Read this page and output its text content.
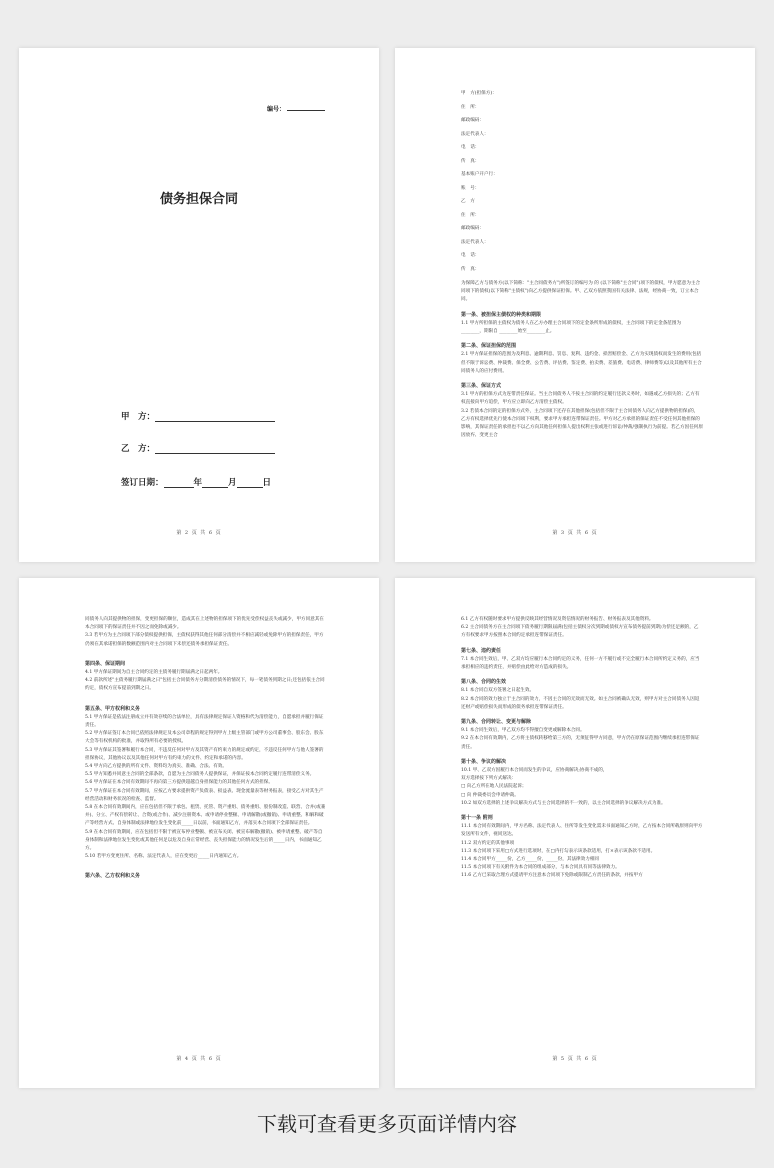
编号：
债务担保合同
甲　方：
乙　方：
签订日期：	年	月	日
第 2 页 共 6 页
甲　方(担保方)：
住　所：
邮政编码：
法定代表人：
电　话：
传　真：
基本账户开户行：
账　号：
乙　方
住　所：
邮政编码：
法定代表人：
电　话：
传　真：

为保障乙方与债务方(以下简称："主合同债务方")所签订的编号为 的 (以下简称"主合同")项下的债权，甲方愿意为主合同项下的债权(以下简称"主债权")向乙方提供保证担保。甲、乙双方依照我国有关法律、法规，经协商一致，订立本合同。

第一条、被担保主债权的种类和期限

1.1 甲方所担保的主债权为债务人在乙方办理主合同项下的定金条所形成的债权，主合同项下的定金条范围为________，期限自 ________始至________止。

第二条、保证担保的范围

2.1 甲方保证担保的范围为及利息、逾期利息、罚息、复利、违约金、损害赔偿金、乙方为实现债权而发生的费用(包括但不限于诉讼费、仲裁费、保全费、公告费、评估费、鉴定费、拍卖费、差旅费、电话费、律师费等)以及其他所有主合同债务人的应付费用。

第三条、保证方式

3.1 甲方的担保方式为连带责任保证。当主合同债务人不按主合同的约定履行还款义务时，如遇或乙方损失的；乙方有权直接向甲方追偿，甲方应立即向乙方清偿主债权。

3.2 若债本合同的定的担保方式外，主合同项下还存在其他担保(包括但不限于主合同债务人向乙方提供物的担保)的，乙方有权选择优先行使本合同项下权利，要求甲方承担连带保证责任。甲方对乙方承担的保证责任不受任何其他担保的影响，其保证责任的承担也不以乙方向其他任何担保人提出权利主张或进行诉讼/仲裁/强制执行为前提。若乙方因任何原因放弃、变更主合

第 3 页 共 6 页

同债务人向其提供物的担保，变更担保的顺位，造成其在上述物的担保项下的优先受偿权益丧失或减少，甲方同意其在本合同项下的保证责任并不因之而免除或减少。

3.3 若甲方为主合同项下部分债权提供担保，主债权获得其他任何部分清偿并不相应减轻或免除甲方的担保责任，甲方仍须在其承诺担保的数额范围内对主合同项下未偿还债务承担保证责任。

第四条、保证期间

4.1 甲方保证期间为自主合同约定的主债务履行期届满之日起两年。

4.2 前款所述"主债务履行期届满之日"包括主合同债务方分期清偿债务的情况下，每一笔债务到期之日;还包括依主合同约定，债权方宣布提前到期之日。

第五条、甲方权利和义务

5.1 甲方保证是依法注册成立并有效存续的合法单位，具有法律规定保证人资格和代为清偿能力，自愿承担并履行保证责任。

5.2 甲方保证签订本合同已依照法律规定及本公司章程的规定得到甲方上级主管部门或甲方公司董事会、股东会、股东大会等有权机构的批准，并取得所有必要的授权。

5.3 甲方保证其签署和履行本合同，不违反任何对甲方及其资产有约束力的规定或约定，不违反任何甲方与他人签署的担保协议，其他协议以及其他任何对甲方有约束力的文件、约定和承诺的内容。

5.4 甲方向乙方提供的所有文件、资料均为真实、准确、合法、有效。

5.5 甲方知悉并同意主合同的全部条款，自愿为主合同债务人提供保证，并保证按本合同约定履行连带清偿义务。

5.6 甲方保证在本合同有效期间不再向第三方提供超越自身担保能力的其他任何方式的担保。

5.7 甲方保证在本合同有效期间，应按乙方要求提供资产负债表、损益表、现金流量表等财务报表，接受乙方对其生产经营活动和财务状况的检查、监督。

5.8 在本合同有效期间内，应在包括但不限于承包、租赁、托管、资产重组、债务重组、股份制改造、联营、合并(或兼并)、分立、产权有偿转让、合资(或合作)、减少注册资本、或申请停业整顿、申请解散(或撤销)、申请重整、和解和破产等经营方式、自身体制或法律地位发生变化前_____日以前，书面通知乙方，并落实本合同项下全部保证责任。

5.9 在本合同有效期间，应在包括但不限于被宣布停业整顿、被宣布关闭、被宣布解散(撤销)、被申请重整、破产等自身体制和法律地位发生变化或其他任何足以危及自身正常经营、丧失担保能力的情况发生后的_____日内，书面通知乙方。

5.10 若甲方变更住所、名称、法定代表人，应在变更后_____日内通知乙方。

第六条、乙方权利和义务

第 4 页 共 6 页

6.1 乙方有权随时要求甲方提供反映其经营情况及资信情况的财务报告、财务报表及其他资料。

6.2 主合同债务方在主合同项下债务履行期限届满(包括主债权分次到期或债权方宣布债务提前到期)为偿还足额的，乙方有权要求甲方按照本合同约定承担连带保证责任。

第七条、违约责任

7.1 本合同生效后，甲、乙双方均应履行本合同约定的义务，任何一方不履行或不完全履行本合同所约定义务的，应当承担相应的违约责任，并赔偿由此给对方造成的损失。

第八条、合同的生效

8.1 本合同自双方签署之日起生效。

8.2 本合同的效力独立于主合同的效力，不因主合同的无效而无效。如主合同被确认无效，则甲方对主合同债务人因返还财产或赔偿损失而形成的债务承担连带保证责任。

第九条、合同转让、变更与解除

9.1 本合同生效后，甲乙双方均不得擅自变更或解除本合同。

9.2 在本合同有效期内，乙方将主债权转移给第三方的，无须征得甲方同意，甲方仍在原保证范围内继续承担连带保证责任。

第十条、争议的解决

10.1 甲、乙双方因履行本合同而发生的争议，应协商解决;协商不成的，

双方选择按下列方式解决：

□ 向乙方所在地人民法院起诉；

□ 向 仲裁委员会申请仲裁。

10.2 如双方选择的上述争议解决方式与主合同选择的不一致的，以主合同选择的争议解决方式为准。

第十一条 附则

11.1 本合同有效期间内，甲方名称、法定代表人、住所等发生变化需未书面通知乙方时，乙方按本合同所载原则向甲方发送所有文件，视同送达。

11.2 双方约定的其他事项

11.3 本合同项下采用□方式进行选项时，在□内打勾表示该条款适用，打×表示该条款不适用。

11.4 本合同甲方_____份，乙方_____份，_____份，其法律效力相同

11.5 本合同项下有关附件为本合同的组成部分，与本合同具有同等法律效力。

11.6 乙方已采取合理方式提请甲方注意本合同项下免除或限制乙方责任的条款，并按甲方

第 5 页 共 6 页
下载可查看更多页面详情内容
